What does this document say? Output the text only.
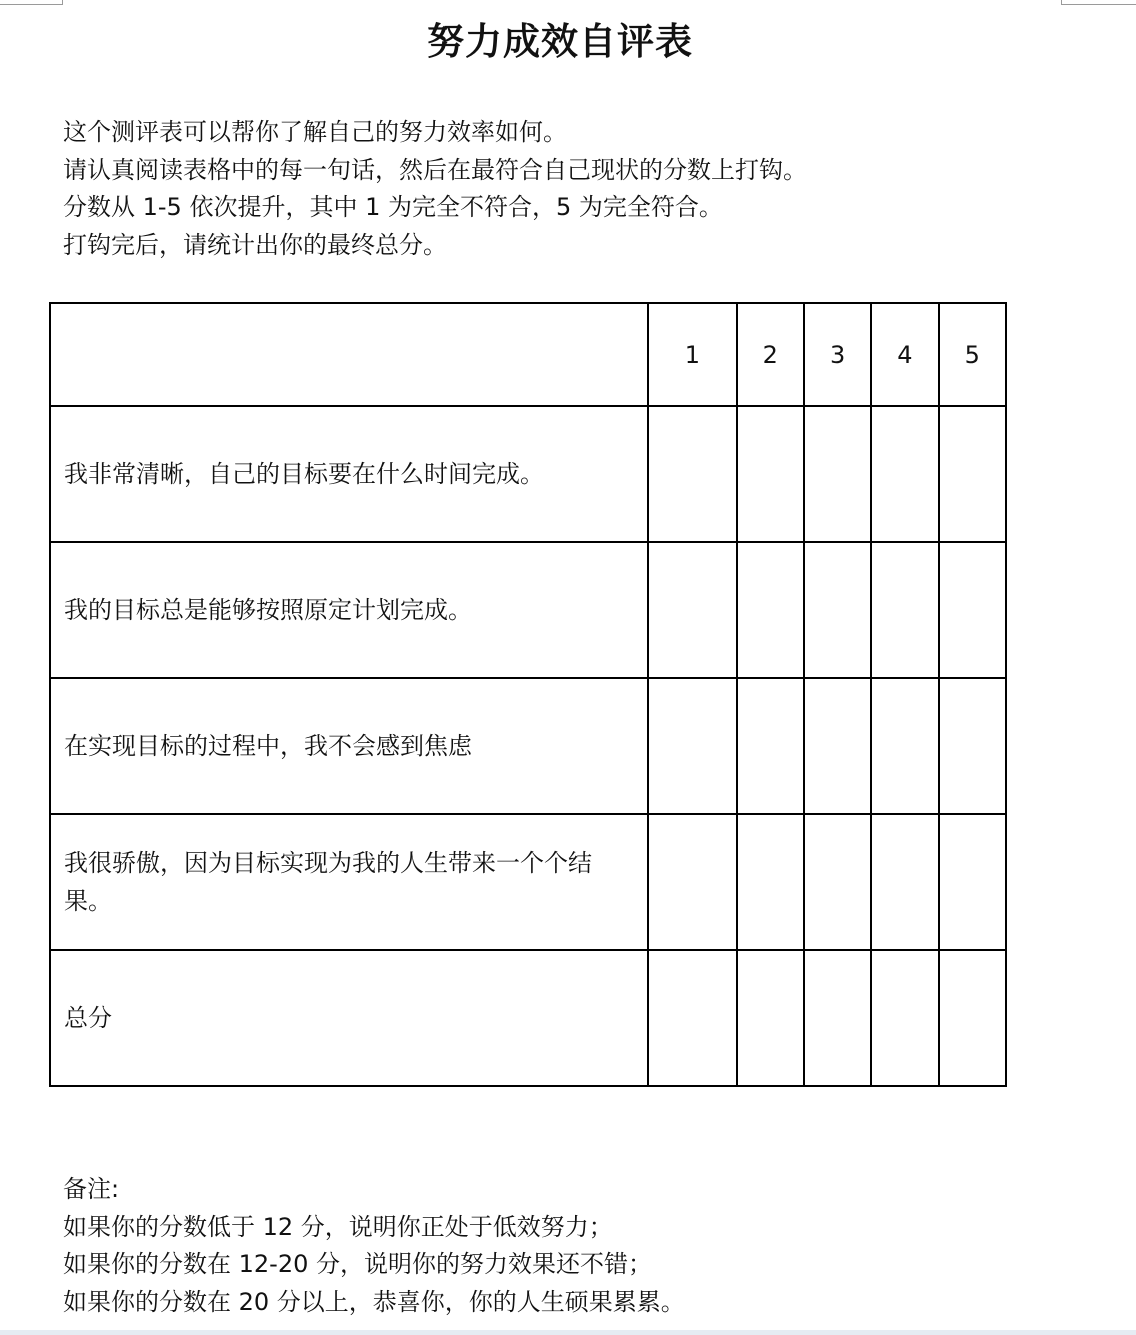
努力成效自评表
这个测评表可以帮你了解自己的努力效率如何。
请认真阅读表格中的每一句话，然后在最符合自己现状的分数上打钩。
分数从 1-5 依次提升，其中 1 为完全不符合，5 为完全符合。
打钩完后，请统计出你的最终总分。
	1	2	3	4	5
我非常清晰，自己的目标要在什么时间完成。					
我的目标总是能够按照原定计划完成。					
在实现目标的过程中，我不会感到焦虑					
我很骄傲，因为目标实现为我的人生带来一个个结果。					
总分					
备注:
如果你的分数低于 12 分，说明你正处于低效努力；
如果你的分数在 12-20 分，说明你的努力效果还不错；
如果你的分数在 20 分以上，恭喜你，你的人生硕果累累。
